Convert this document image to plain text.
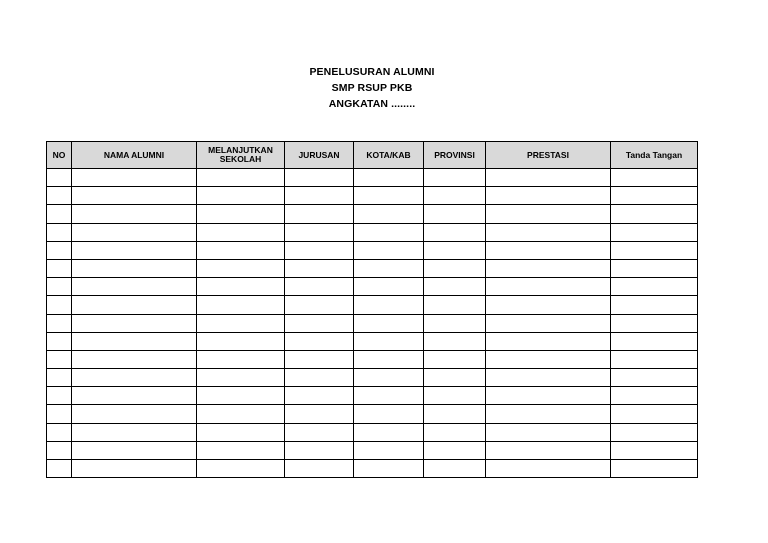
PENELUSURAN ALUMNI
SMP RSUP PKB
ANGKATAN ........
NO	NAMA ALUMNI	MELANJUTKAN SEKOLAH	JURUSAN	KOTA/KAB	PROVINSI	PRESTASI	Tanda Tangan
